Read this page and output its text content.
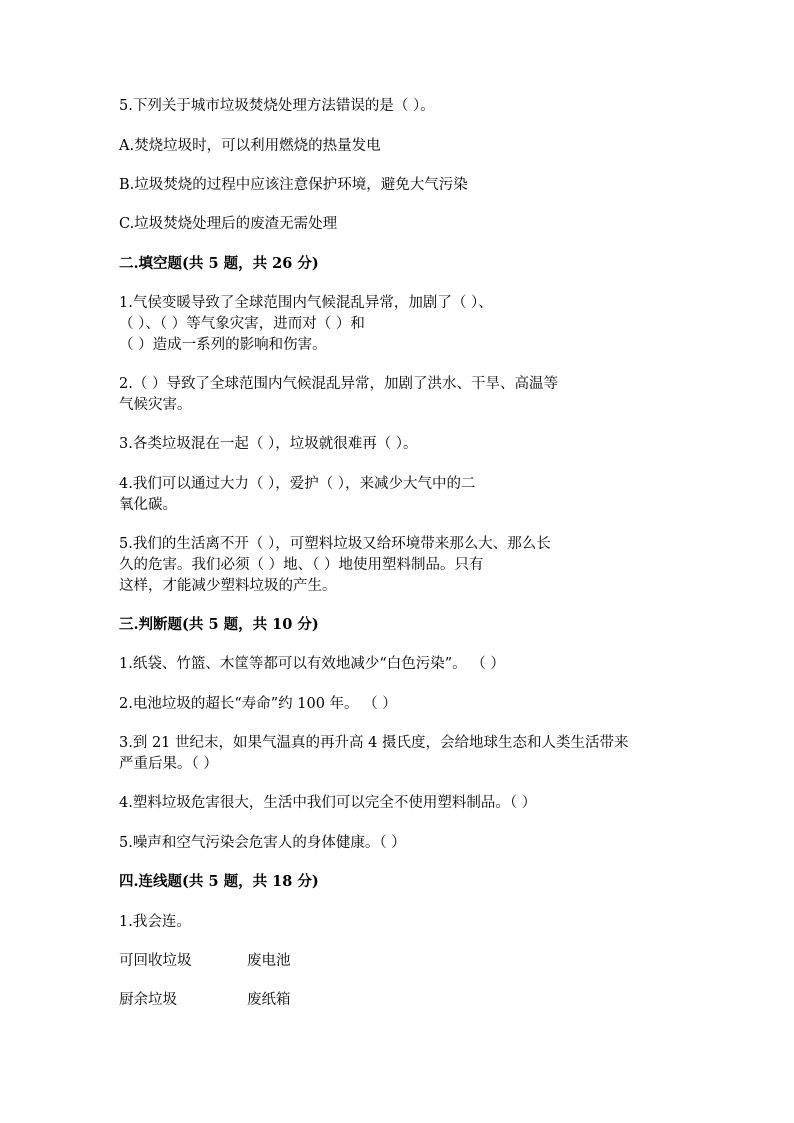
5.下列关于城市垃圾焚烧处理方法错误的是（ ）。
A.焚烧垃圾时，可以利用燃烧的热量发电
B.垃圾焚烧的过程中应该注意保护环境，避免大气污染
C.垃圾焚烧处理后的废渣无需处理
二.填空题(共 5 题，共 26 分)
1.气侯变暖导致了全球范围内气候混乱异常，加剧了（ ）、
（ ）、（ ）等气象灾害，进而对（ ）和
（ ）造成一系列的影响和伤害。
2.（ ）导致了全球范围内气候混乱异常，加剧了洪水、干旱、高温等
气候灾害。
3.各类垃圾混在一起（ ），垃圾就很难再（ ）。
4.我们可以通过大力（ ），爱护（ ），来减少大气中的二
氧化碳。
5.我们的生活离不开（ ），可塑料垃圾又给环境带来那么大、那么长
久的危害。我们必须（ ）地、（ ）地使用塑料制品。只有
这样，才能减少塑料垃圾的产生。
三.判断题(共 5 题，共 10 分)
1.纸袋、竹篮、木筐等都可以有效地减少“白色污染”。 （ ）
2.电池垃圾的超长“寿命”约 100 年。 （ ）
3.到 21 世纪末，如果气温真的再升高 4 摄氏度，会给地球生态和人类生活带来
严重后果。（ ）
4.塑料垃圾危害很大，生活中我们可以完全不使用塑料制品。（ ）
5.噪声和空气污染会危害人的身体健康。（ ）
四.连线题(共 5 题，共 18 分)
1.我会连。
可回收垃圾	废电池
厨余垃圾	废纸箱
